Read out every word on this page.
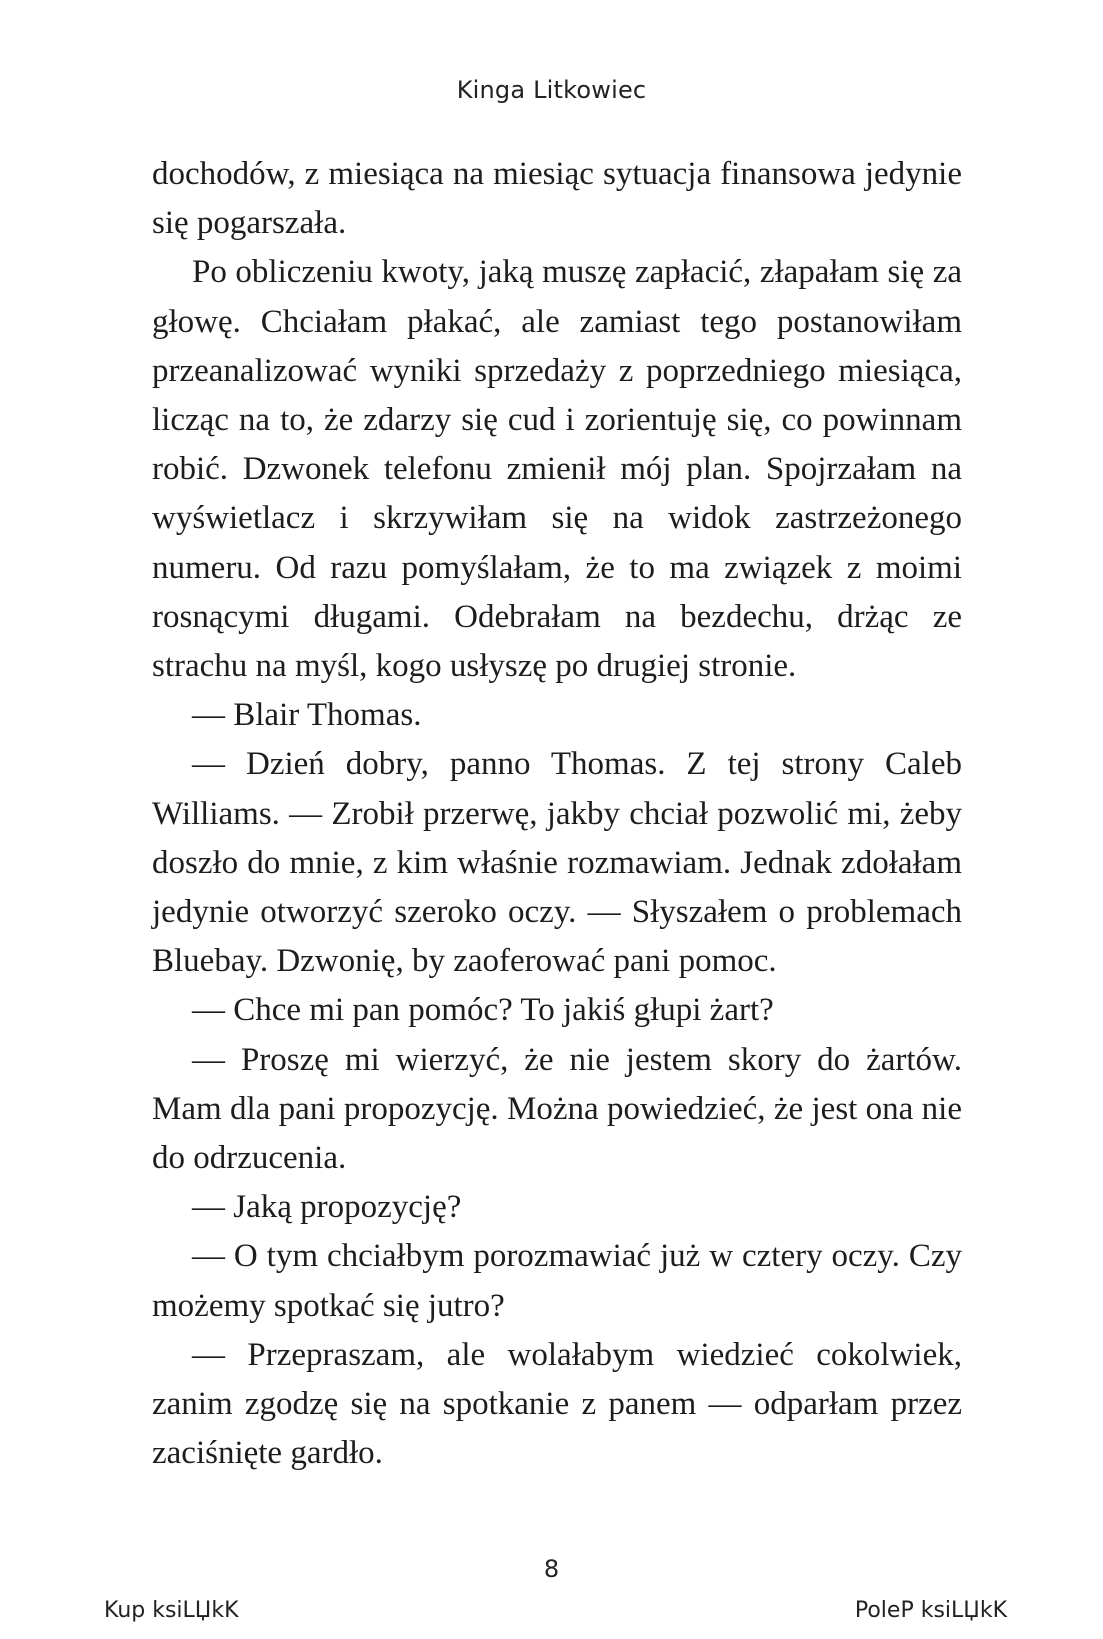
Kinga Litkowiec

dochodów, z miesiąca na miesiąc sytuacja finansowa jedynie się pogarszała.

Po obliczeniu kwoty, jaką muszę zapłacić, złapałam się za głowę. Chciałam płakać, ale zamiast tego postanowiłam przeanalizować wyniki sprzedaży z poprzedniego miesiąca, licząc na to, że zdarzy się cud i zorientuję się, co powinnam robić. Dzwonek telefonu zmienił mój plan. Spojrzałam na wyświetlacz i skrzywiłam się na widok zastrzeżonego numeru. Od razu pomyślałam, że to ma związek z moimi rosnącymi długami. Odebrałam na bezdechu, drżąc ze strachu na myśl, kogo usłyszę po drugiej stronie.

— Blair Thomas.

— Dzień dobry, panno Thomas. Z tej strony Caleb Williams. — Zrobił przerwę, jakby chciał pozwolić mi, żeby doszło do mnie, z kim właśnie rozmawiam. Jednak zdołałam jedynie otworzyć szeroko oczy. — Słyszałem o problemach Bluebay. Dzwonię, by zaoferować pani pomoc.

— Chce mi pan pomóc? To jakiś głupi żart?

— Proszę mi wierzyć, że nie jestem skory do żartów. Mam dla pani propozycję. Można powiedzieć, że jest ona nie do odrzucenia.

— Jaką propozycję?

— O tym chciałbym porozmawiać już w cztery oczy. Czy możemy spotkać się jutro?

— Przepraszam, ale wolałabym wiedzieć cokolwiek, zanim zgodzę się na spotkanie z panem — odparłam przez zaciśnięte gardło.

8
Kup ksiLЏkK	PoleP ksiLЏkK
